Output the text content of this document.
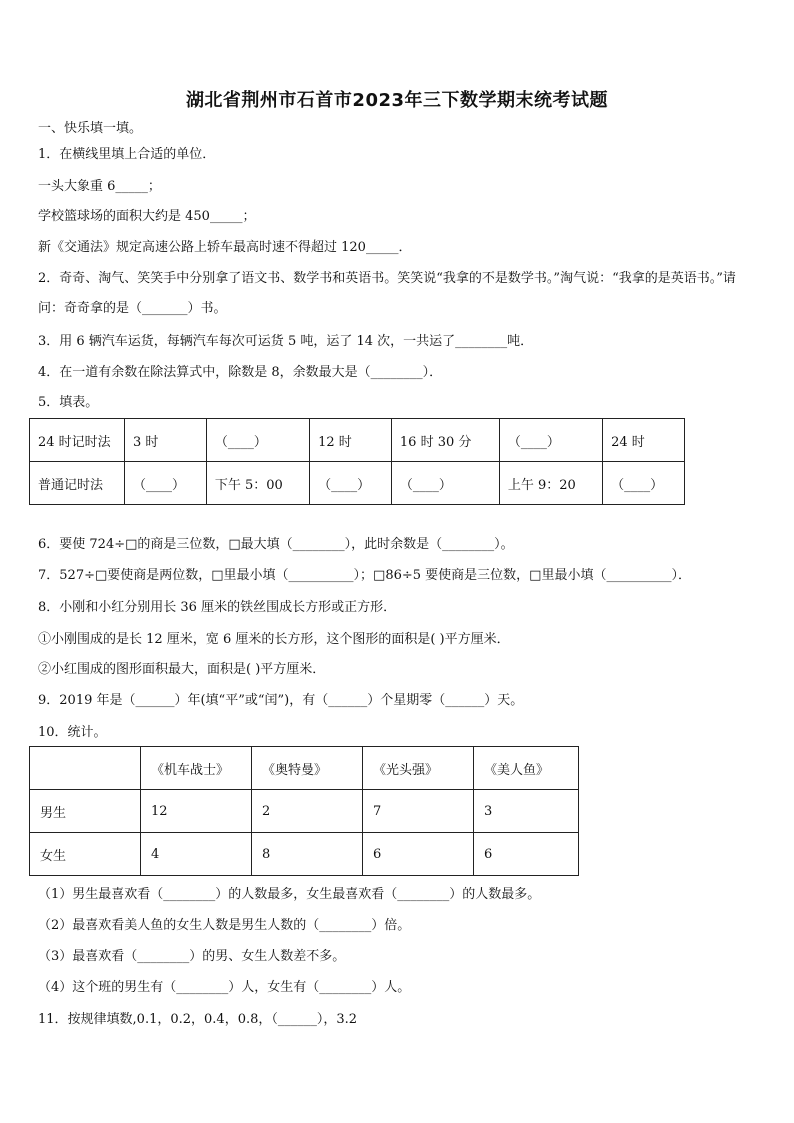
湖北省荆州市石首市2023年三下数学期末统考试题
一、快乐填一填。
1．在横线里填上合适的单位．
一头大象重 6_____；
学校篮球场的面积大约是 450_____；
新《交通法》规定高速公路上轿车最高时速不得超过 120_____．
2．奇奇、淘气、笑笑手中分别拿了语文书、数学书和英语书。笑笑说“我拿的不是数学书。”淘气说：“我拿的是英语书。”请问：奇奇拿的是（_______）书。
3．用 6 辆汽车运货，每辆汽车每次可运货 5 吨，运了 14 次，一共运了________吨．
4．在一道有余数在除法算式中，除数是 8，余数最大是（________）．
5．填表。
24 时记时法	3 时	（____）	12 时	16 时 30 分	（____）	24 时
普通记时法	（____）	下午 5：00	（____）	（____）	上午 9：20	（____）
6．要使 724÷□的商是三位数，□最大填（________），此时余数是（________）。
7．527÷□要使商是两位数，□里最小填（__________）；□86÷5 要使商是三位数，□里最小填（__________）．
8．小刚和小红分别用长 36 厘米的铁丝围成长方形或正方形．
①小刚围成的是长 12 厘米，宽 6 厘米的长方形，这个图形的面积是( )平方厘米．
②小红围成的图形面积最大，面积是( )平方厘米．
9．2019 年是（______）年(填“平”或“闰”)，有（______）个星期零（______）天。
10．统计。
	《机车战士》	《奥特曼》	《光头强》	《美人鱼》
男生	12	2	7	3
女生	4	8	6	6
（1）男生最喜欢看（________）的人数最多，女生最喜欢看（________）的人数最多。
（2）最喜欢看美人鱼的女生人数是男生人数的（________）倍。
（3）最喜欢看（________）的男、女生人数差不多。
（4）这个班的男生有（________）人，女生有（________）人。
11．按规律填数,0.1，0.2，0.4，0.8，（______），3.2
